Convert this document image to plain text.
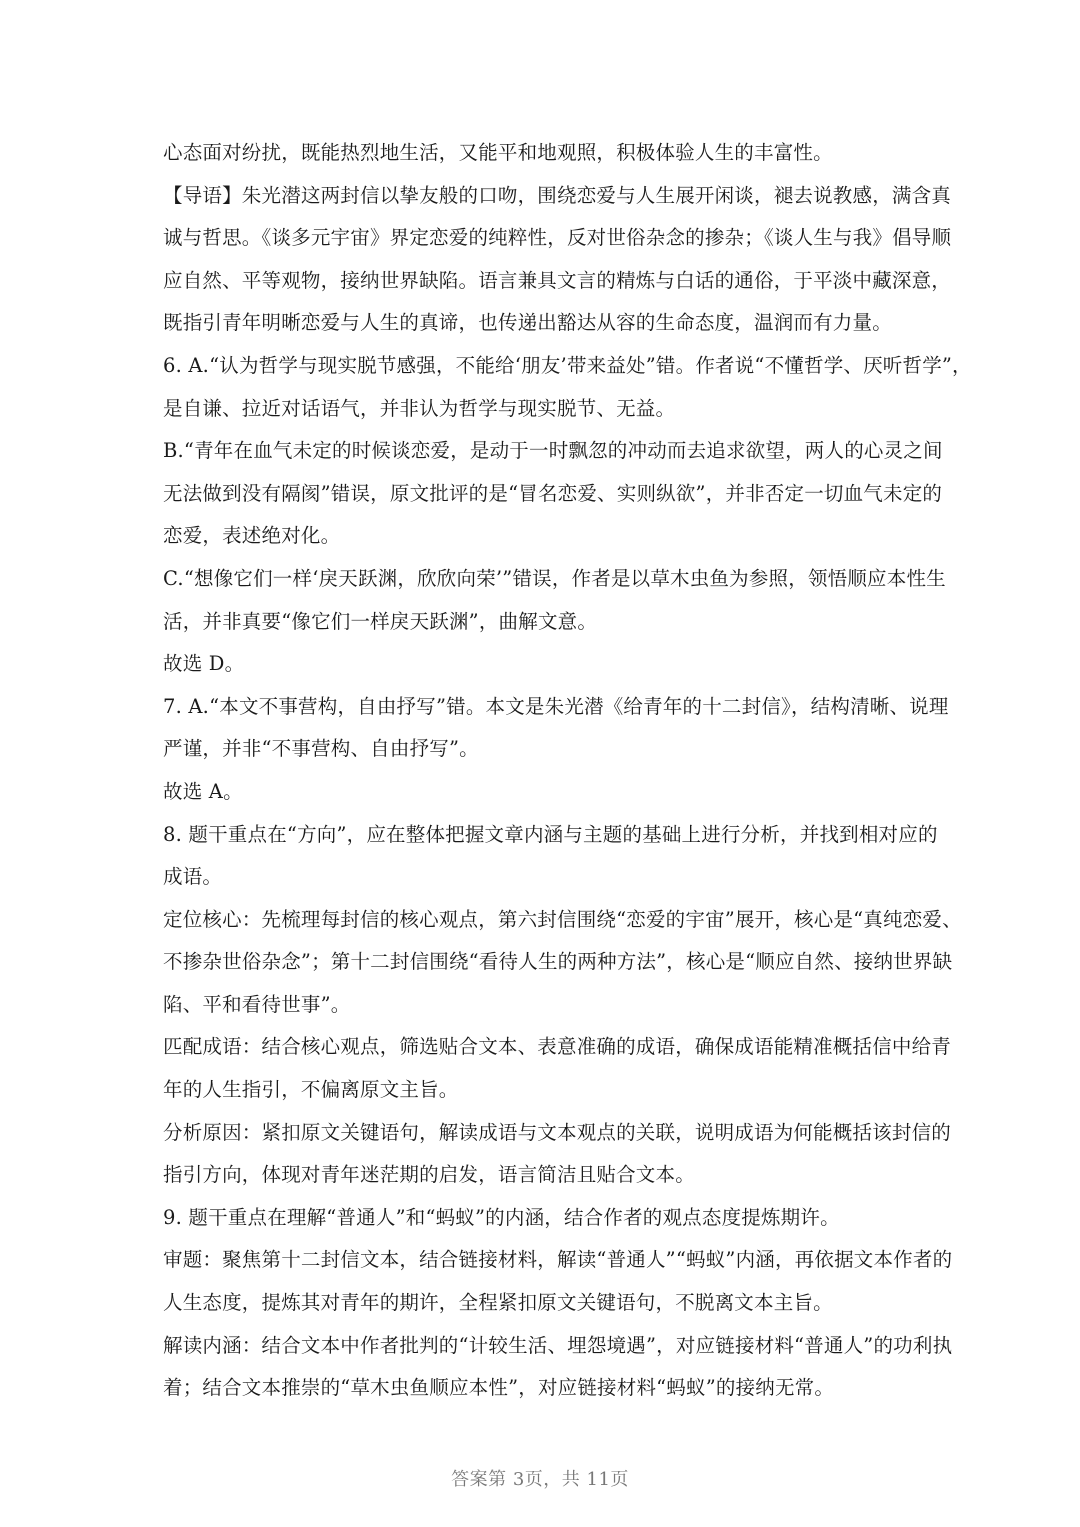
心态面对纷扰，既能热烈地生活，又能平和地观照，积极体验人生的丰富性。
【导语】朱光潜这两封信以挚友般的口吻，围绕恋爱与人生展开闲谈，褪去说教感，满含真
诚与哲思。《谈多元宇宙》界定恋爱的纯粹性，反对世俗杂念的掺杂；《谈人生与我》倡导顺
应自然、平等观物，接纳世界缺陷。语言兼具文言的精炼与白话的通俗，于平淡中藏深意，
既指引青年明晰恋爱与人生的真谛，也传递出豁达从容的生命态度，温润而有力量。
6. A.“认为哲学与现实脱节感强，不能给‘朋友’带来益处”错。作者说“不懂哲学、厌听哲学”，
是自谦、拉近对话语气，并非认为哲学与现实脱节、无益。
B.“青年在血气未定的时候谈恋爱，是动于一时飘忽的冲动而去追求欲望，两人的心灵之间
无法做到没有隔阂”错误，原文批评的是“冒名恋爱、实则纵欲”，并非否定一切血气未定的
恋爱，表述绝对化。
C.“想像它们一样‘戾天跃渊，欣欣向荣’”错误，作者是以草木虫鱼为参照，领悟顺应本性生
活，并非真要“像它们一样戾天跃渊”，曲解文意。
故选 D。
7. A.“本文不事营构，自由抒写”错。本文是朱光潜《给青年的十二封信》，结构清晰、说理
严谨，并非“不事营构、自由抒写”。
故选 A。
8. 题干重点在“方向”，应在整体把握文章内涵与主题的基础上进行分析，并找到相对应的
成语。
定位核心：先梳理每封信的核心观点，第六封信围绕“恋爱的宇宙”展开，核心是“真纯恋爱、
不掺杂世俗杂念”；第十二封信围绕“看待人生的两种方法”，核心是“顺应自然、接纳世界缺
陷、平和看待世事”。
匹配成语：结合核心观点，筛选贴合文本、表意准确的成语，确保成语能精准概括信中给青
年的人生指引，不偏离原文主旨。
分析原因：紧扣原文关键语句，解读成语与文本观点的关联，说明成语为何能概括该封信的
指引方向，体现对青年迷茫期的启发，语言简洁且贴合文本。
9. 题干重点在理解“普通人”和“蚂蚁”的内涵，结合作者的观点态度提炼期许。
审题：聚焦第十二封信文本，结合链接材料，解读“普通人”“蚂蚁”内涵，再依据文本作者的
人生态度，提炼其对青年的期许，全程紧扣原文关键语句，不脱离文本主旨。
解读内涵：结合文本中作者批判的“计较生活、埋怨境遇”，对应链接材料“普通人”的功利执
着；结合文本推崇的“草木虫鱼顺应本性”，对应链接材料“蚂蚁”的接纳无常。
答案第 3页，共 11页
